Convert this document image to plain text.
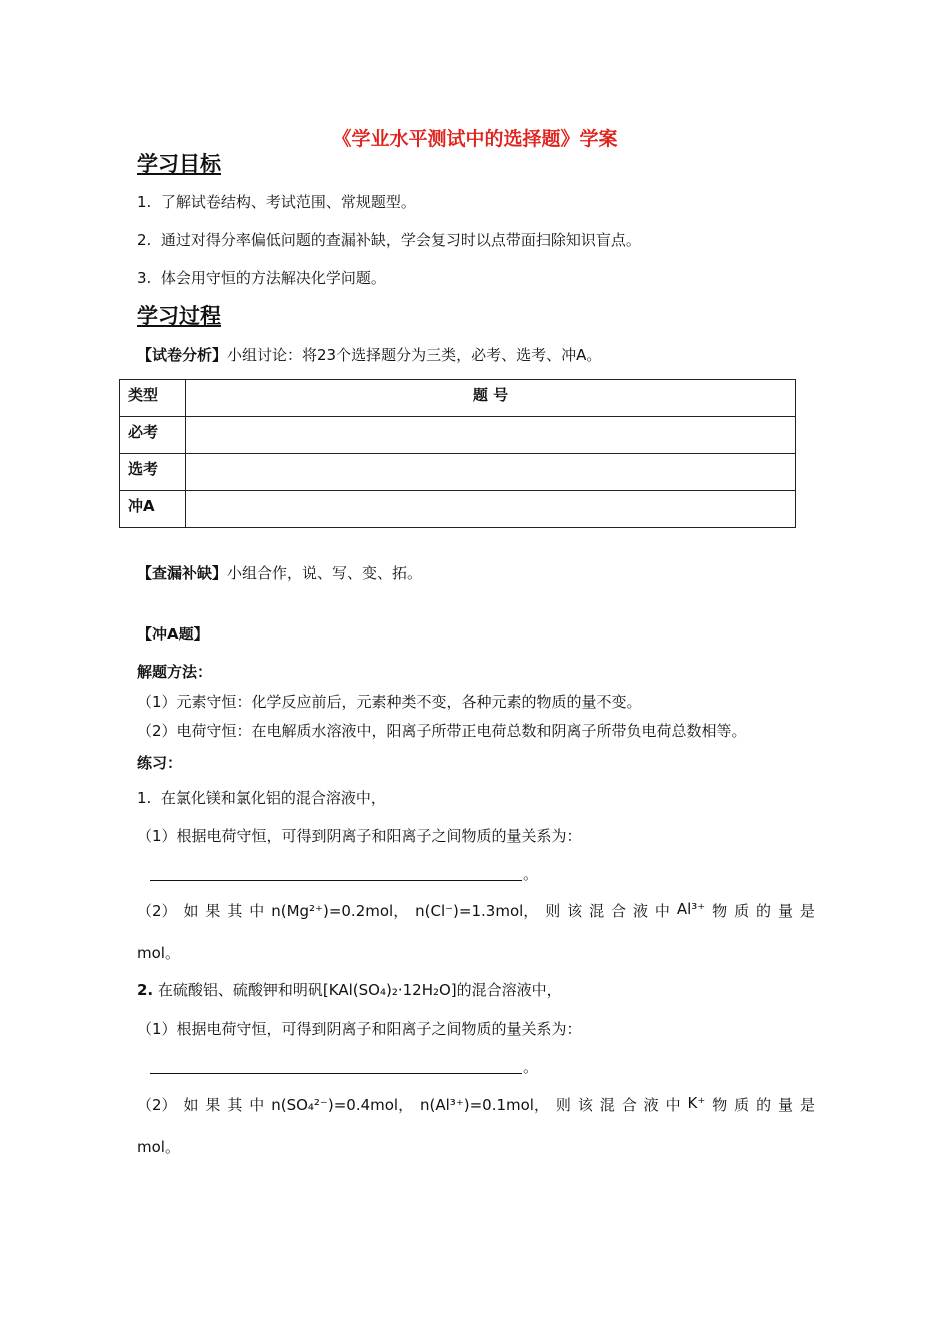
《学业水平测试中的选择题》学案
学习目标
1. 了解试卷结构、考试范围、常规题型。
2. 通过对得分率偏低问题的查漏补缺，学会复习时以点带面扫除知识盲点。
3. 体会用守恒的方法解决化学问题。
学习过程
【试卷分析】小组讨论：将23个选择题分为三类，必考、选考、冲A。
类型	题 号
必考	
选考	
冲A	
【查漏补缺】小组合作，说、写、变、拓。
【冲A题】
解题方法：
（1）元素守恒：化学反应前后，元素种类不变，各种元素的物质的量不变。
（2）电荷守恒：在电解质水溶液中，阳离子所带正电荷总数和阴离子所带负电荷总数相等。
练习：
1. 在氯化镁和氯化铝的混合溶液中，
（1）根据电荷守恒，可得到阴离子和阳离子之间物质的量关系为：
。
（2） 如 果 其 中 n(Mg²⁺)=0.2mol， n(Cl⁻)=1.3mol， 则 该 混 合 液 中 Al³⁺ 物 质 的 量 是
mol。
2. 在硫酸铝、硫酸钾和明矾[KAl(SO₄)₂·12H₂O]的混合溶液中，
（1）根据电荷守恒，可得到阴离子和阳离子之间物质的量关系为：
。
（2） 如 果 其 中 n(SO₄²⁻)=0.4mol， n(Al³⁺)=0.1mol， 则 该 混 合 液 中 K⁺ 物 质 的 量 是
mol。
